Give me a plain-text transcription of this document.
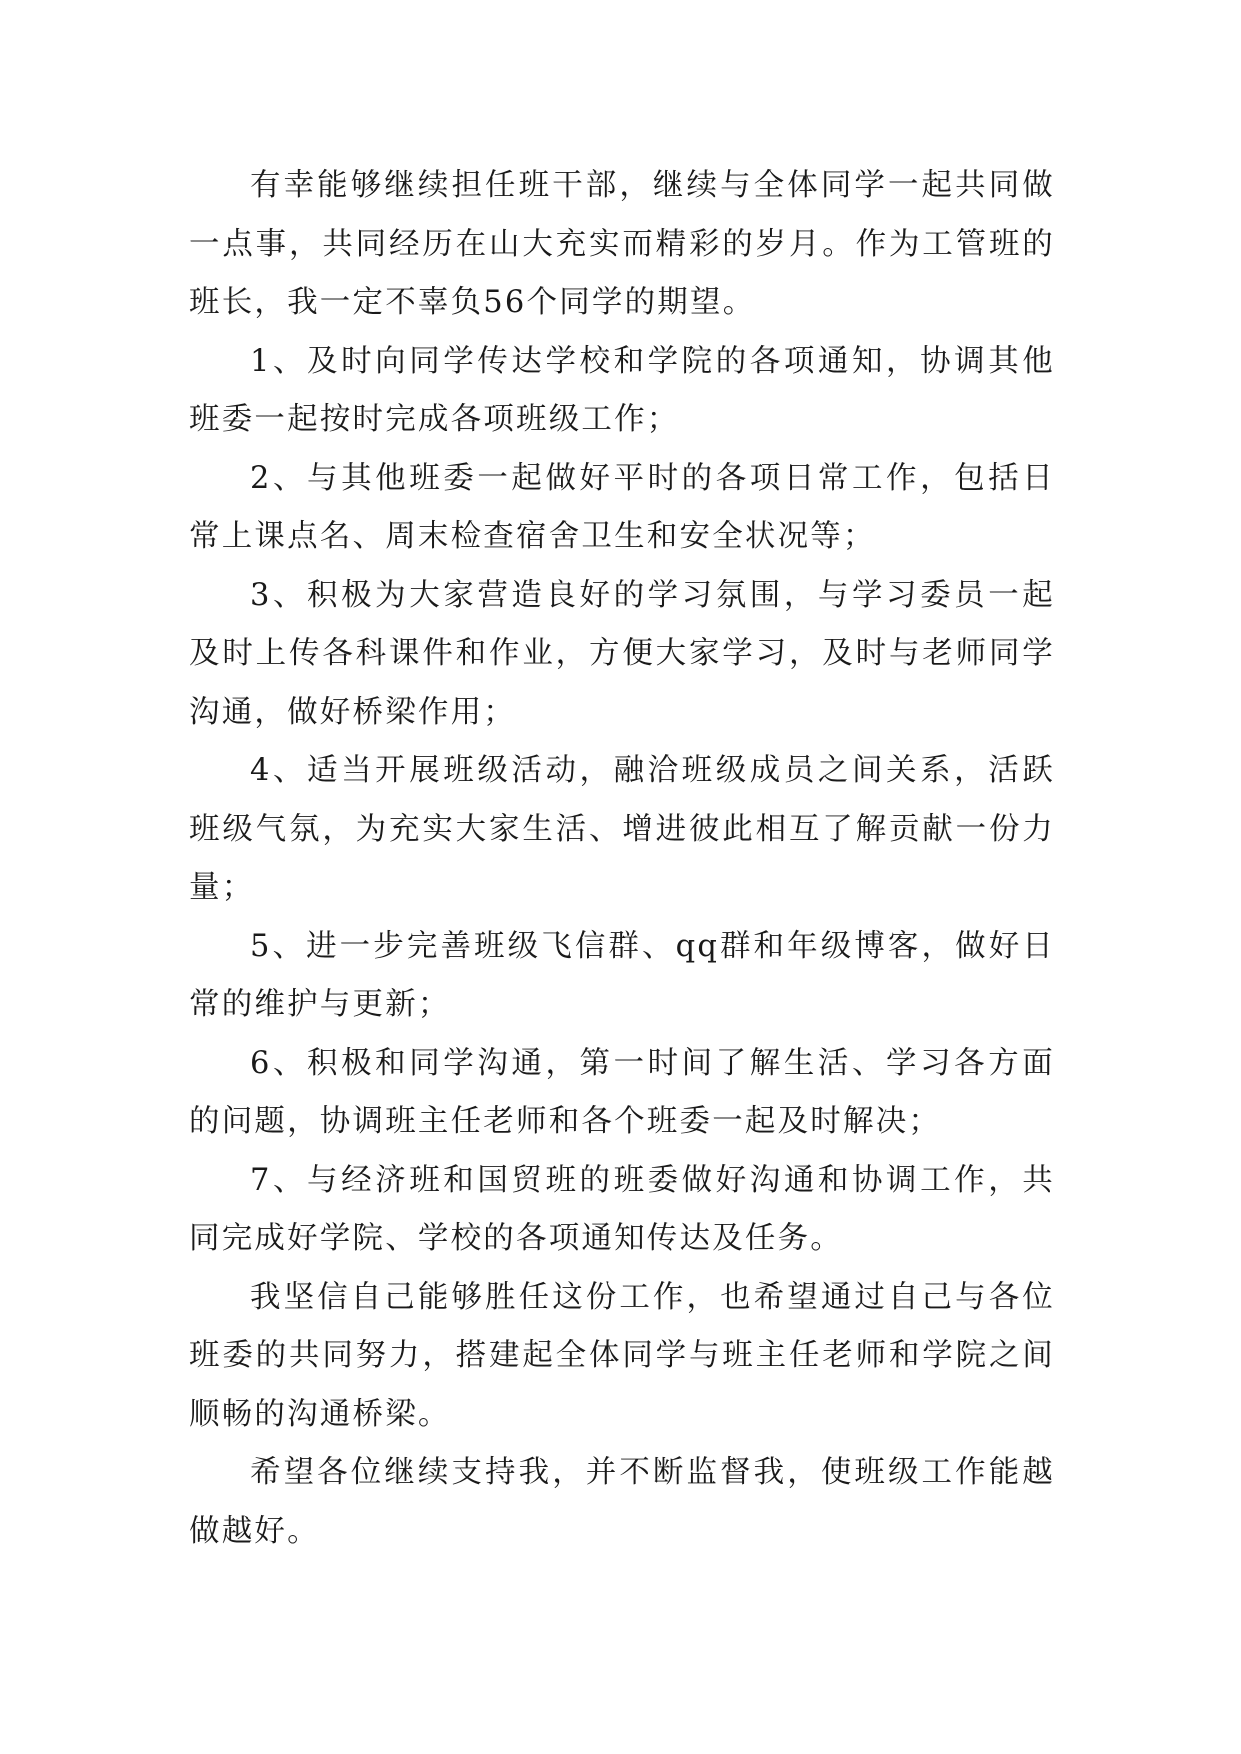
有幸能够继续担任班干部，继续与全体同学一起共同做一点事，共同经历在山大充实而精彩的岁月。作为工管班的班长，我一定不辜负56个同学的期望。

1、及时向同学传达学校和学院的各项通知，协调其他班委一起按时完成各项班级工作；

2、与其他班委一起做好平时的各项日常工作，包括日常上课点名、周末检查宿舍卫生和安全状况等；

3、积极为大家营造良好的学习氛围，与学习委员一起及时上传各科课件和作业，方便大家学习，及时与老师同学沟通，做好桥梁作用；

4、适当开展班级活动，融洽班级成员之间关系，活跃班级气氛，为充实大家生活、增进彼此相互了解贡献一份力量；

5、进一步完善班级飞信群、qq群和年级博客，做好日常的维护与更新；

6、积极和同学沟通，第一时间了解生活、学习各方面的问题，协调班主任老师和各个班委一起及时解决；

7、与经济班和国贸班的班委做好沟通和协调工作，共同完成好学院、学校的各项通知传达及任务。

我坚信自己能够胜任这份工作，也希望通过自己与各位班委的共同努力，搭建起全体同学与班主任老师和学院之间顺畅的沟通桥梁。

希望各位继续支持我，并不断监督我，使班级工作能越做越好。
